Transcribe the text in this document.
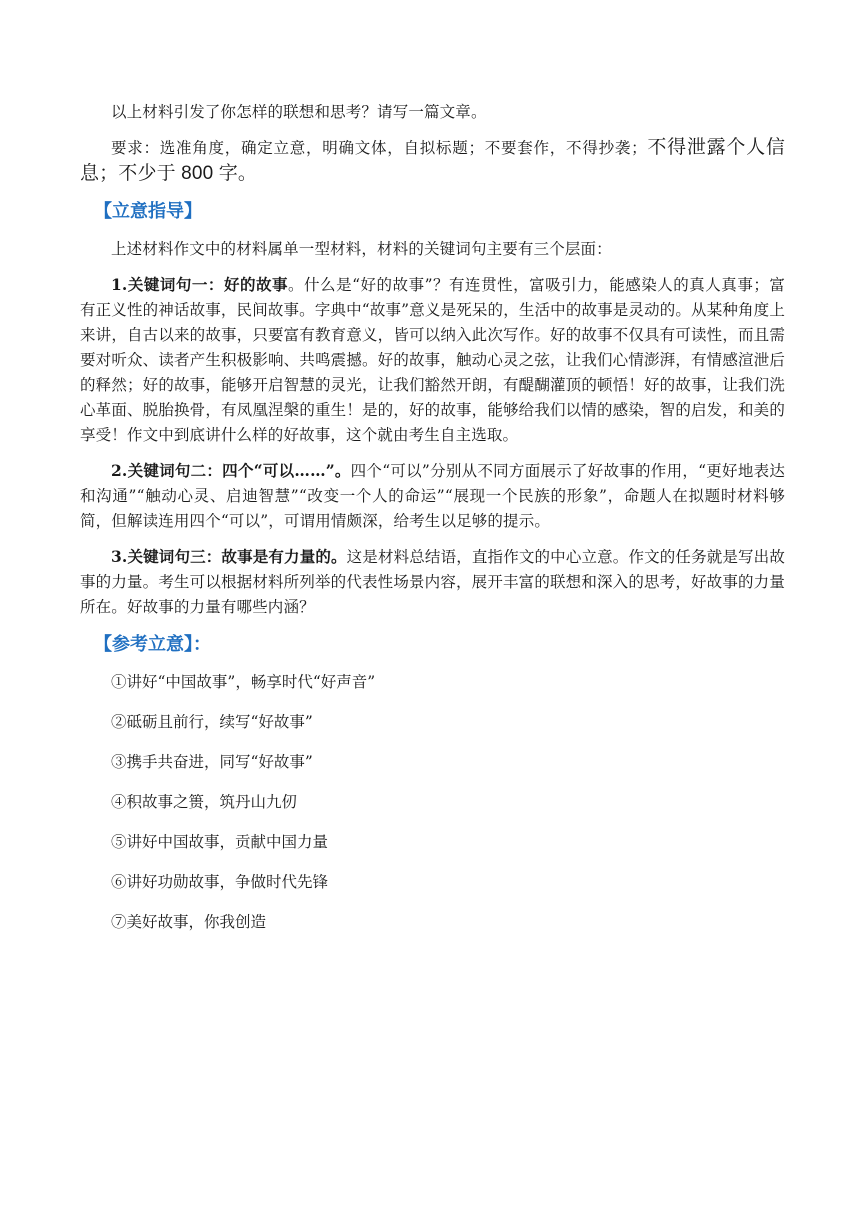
以上材料引发了你怎样的联想和思考？请写一篇文章。

要求：选准角度，确定立意，明确文体，自拟标题；不要套作，不得抄袭；不得泄露个人信息；不少于 800 字。

【立意指导】

上述材料作文中的材料属单一型材料，材料的关键词句主要有三个层面：

1.关键词句一：好的故事。什么是“好的故事”？有连贯性，富吸引力，能感染人的真人真事；富有正义性的神话故事，民间故事。字典中“故事”意义是死呆的，生活中的故事是灵动的。从某种角度上来讲，自古以来的故事，只要富有教育意义，皆可以纳入此次写作。好的故事不仅具有可读性，而且需要对听众、读者产生积极影响、共鸣震撼。好的故事，触动心灵之弦，让我们心情澎湃，有情感渲泄后的释然；好的故事，能够开启智慧的灵光，让我们豁然开朗，有醍醐灌顶的顿悟！好的故事，让我们洗心革面、脱胎换骨，有凤凰涅槃的重生！是的，好的故事，能够给我们以情的感染，智的启发，和美的享受！作文中到底讲什么样的好故事，这个就由考生自主选取。

2.关键词句二：四个“可以……”。四个“可以”分别从不同方面展示了好故事的作用，“更好地表达和沟通”“触动心灵、启迪智慧”“改变一个人的命运”“展现一个民族的形象”，命题人在拟题时材料够简，但解读连用四个“可以”，可谓用情颇深，给考生以足够的提示。

3.关键词句三：故事是有力量的。这是材料总结语，直指作文的中心立意。作文的任务就是写出故事的力量。考生可以根据材料所列举的代表性场景内容，展开丰富的联想和深入的思考，好故事的力量所在。好故事的力量有哪些内涵？

【参考立意】：
①讲好“中国故事”，畅享时代“好声音”
②砥砺且前行，续写“好故事”
③携手共奋进，同写“好故事”
④积故事之篑，筑丹山九仞
⑤讲好中国故事，贡献中国力量
⑥讲好功勋故事，争做时代先锋
⑦美好故事，你我创造
